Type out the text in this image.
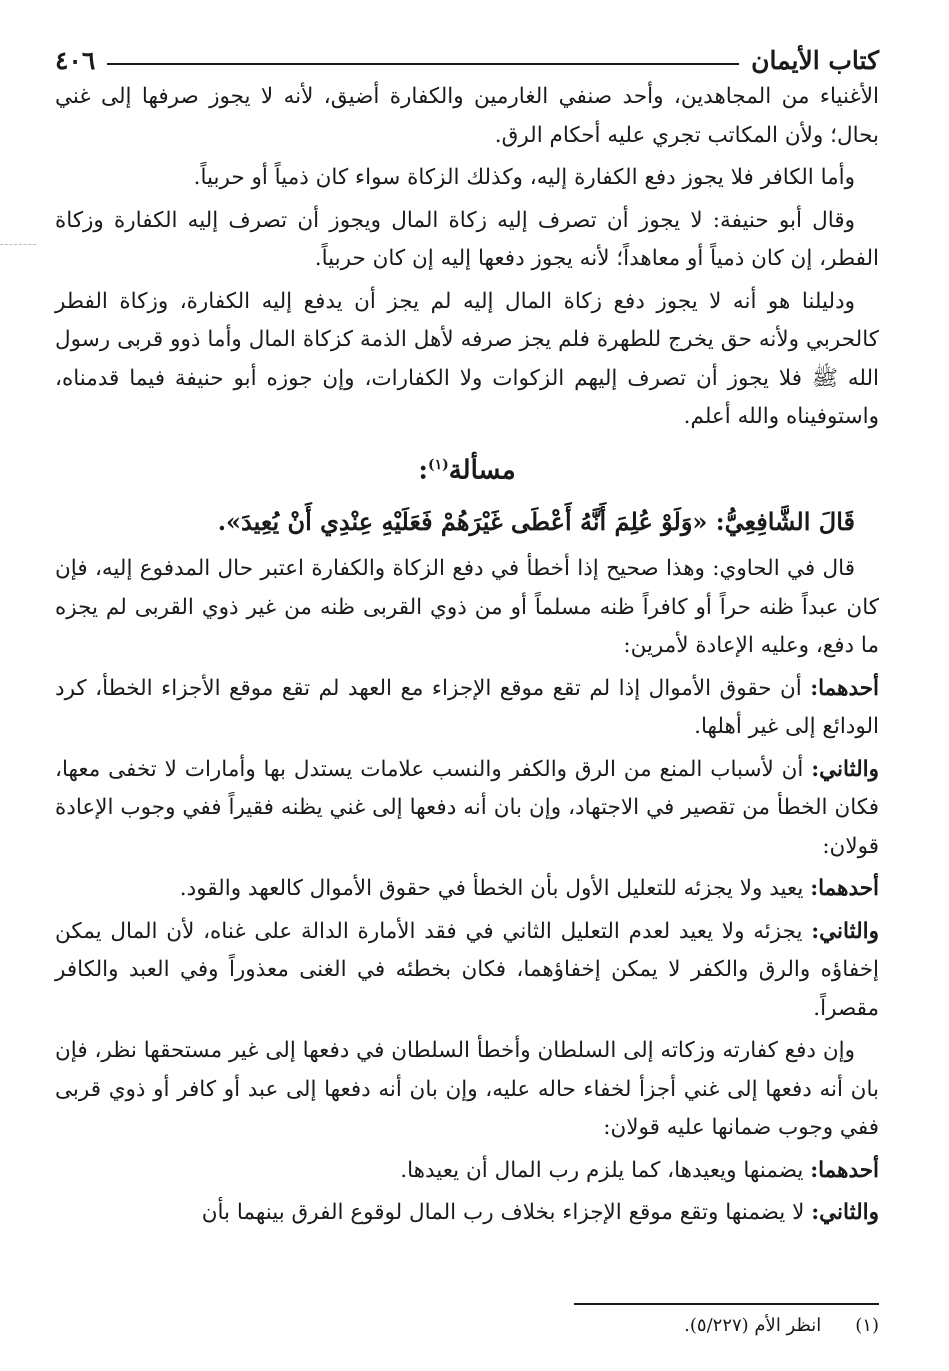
كتاب الأيمان
٤٠٦

الأغنياء من المجاهدين، وأحد صنفي الغارمين والكفارة أضيق، لأنه لا يجوز صرفها إلى غني بحال؛ ولأن المكاتب تجري عليه أحكام الرق.

وأما الكافر فلا يجوز دفع الكفارة إليه، وكذلك الزكاة سواء كان ذمياً أو حربياً.

وقال أبو حنيفة: لا يجوز أن تصرف إليه زكاة المال ويجوز أن تصرف إليه الكفارة وزكاة الفطر، إن كان ذمياً أو معاهداً؛ لأنه يجوز دفعها إليه إن كان حربياً.

ودليلنا هو أنه لا يجوز دفع زكاة المال إليه لم يجز أن يدفع إليه الكفارة، وزكاة الفطر كالحربي ولأنه حق يخرج للطهرة فلم يجز صرفه لأهل الذمة كزكاة المال وأما ذوو قربى رسول الله ﷺ فلا يجوز أن تصرف إليهم الزكوات ولا الكفارات، وإن جوزه أبو حنيفة فيما قدمناه، واستوفيناه والله أعلم.

مسألة$^{(١)}$:

قَالَ الشَّافِعِيُّ: «وَلَوْ عُلِمَ أَنَّهُ أَعْطَى غَيْرَهُمْ فَعَلَيْهِ عِنْدِي أَنْ يُعِيدَ».

قال في الحاوي: وهذا صحيح إذا أخطأ في دفع الزكاة والكفارة اعتبر حال المدفوع إليه، فإن كان عبداً ظنه حراً أو كافراً ظنه مسلماً أو من ذوي القربى ظنه من غير ذوي القربى لم يجزه ما دفع، وعليه الإعادة لأمرين:

أحدهما: أن حقوق الأموال إذا لم تقع موقع الإجزاء مع العهد لم تقع موقع الأجزاء الخطأ، كرد الودائع إلى غير أهلها.

والثاني: أن لأسباب المنع من الرق والكفر والنسب علامات يستدل بها وأمارات لا تخفى معها، فكان الخطأ من تقصير في الاجتهاد، وإن بان أنه دفعها إلى غني يظنه فقيراً ففي وجوب الإعادة قولان:

أحدهما: يعيد ولا يجزئه للتعليل الأول بأن الخطأ في حقوق الأموال كالعهد والقود.

والثاني: يجزئه ولا يعيد لعدم التعليل الثاني في فقد الأمارة الدالة على غناه، لأن المال يمكن إخفاؤه والرق والكفر لا يمكن إخفاؤهما، فكان بخطئه في الغنى معذوراً وفي العبد والكافر مقصراً.

وإن دفع كفارته وزكاته إلى السلطان وأخطأ السلطان في دفعها إلى غير مستحقها نظر، فإن بان أنه دفعها إلى غني أجزأ لخفاء حاله عليه، وإن بان أنه دفعها إلى عبد أو كافر أو ذوي قربى ففي وجوب ضمانها عليه قولان:

أحدهما: يضمنها ويعيدها، كما يلزم رب المال أن يعيدها.

والثاني: لا يضمنها وتقع موقع الإجزاء بخلاف رب المال لوقوع الفرق بينهما بأن

(١)
انظر الأم (٥/٢٢٧).
